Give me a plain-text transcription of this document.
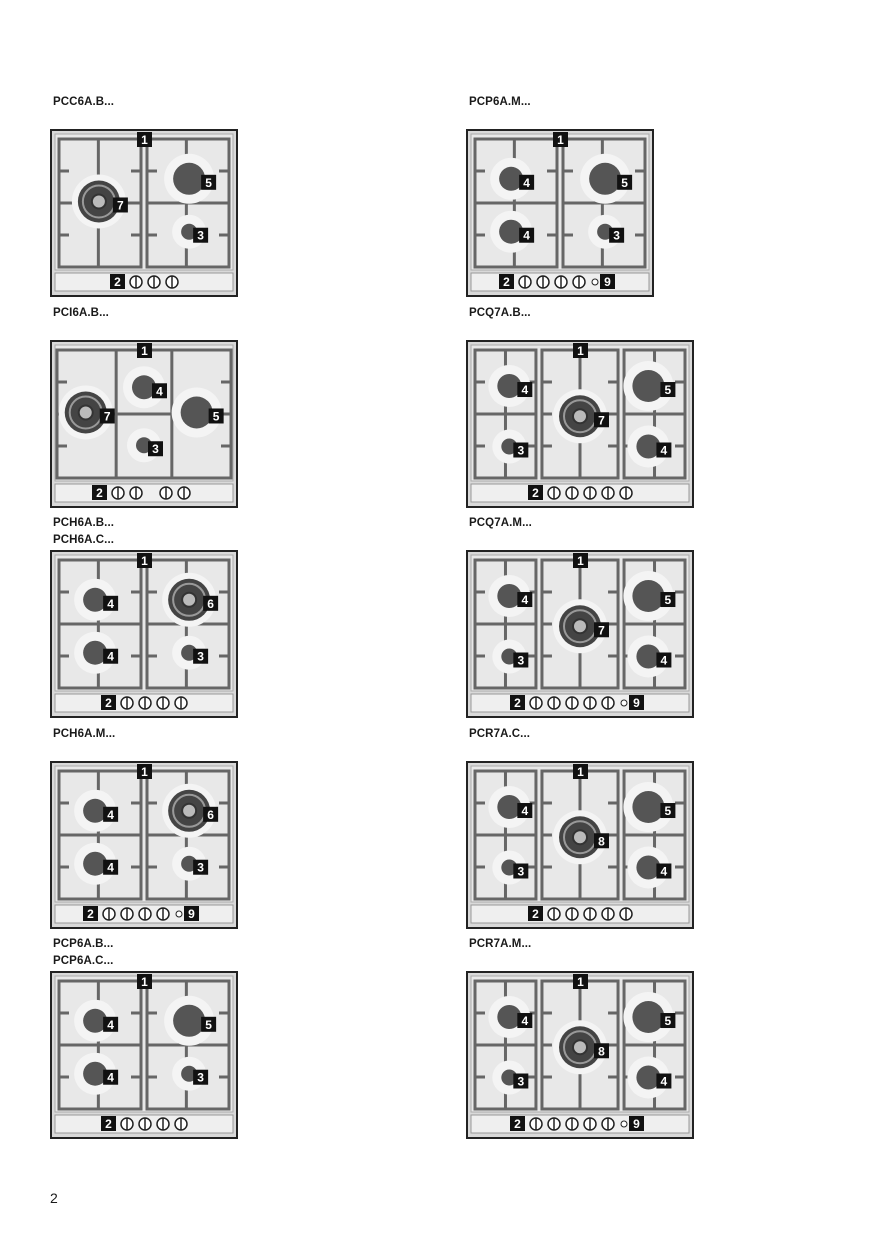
PCC6A.B...
7
5
3
1
2
PCP6A.M...
4
4
5
3
1
2	9
PCI6A.B...
7
4
3
5
1
2
PCQ7A.B...
4
3
7
5
4
1
2
PCH6A.B...
PCH6A.C...
4
4
6
3
1
2
PCQ7A.M...
4
3
7
5
4
1
2	9
PCH6A.M...
4
4
6
3
1
2	9
PCR7A.C...
4
3
8
5
4
1
2
PCP6A.B...
PCP6A.C...
4
4
5
3
1
2
PCR7A.M...
4
3
8
5
4
1
2	9
2
